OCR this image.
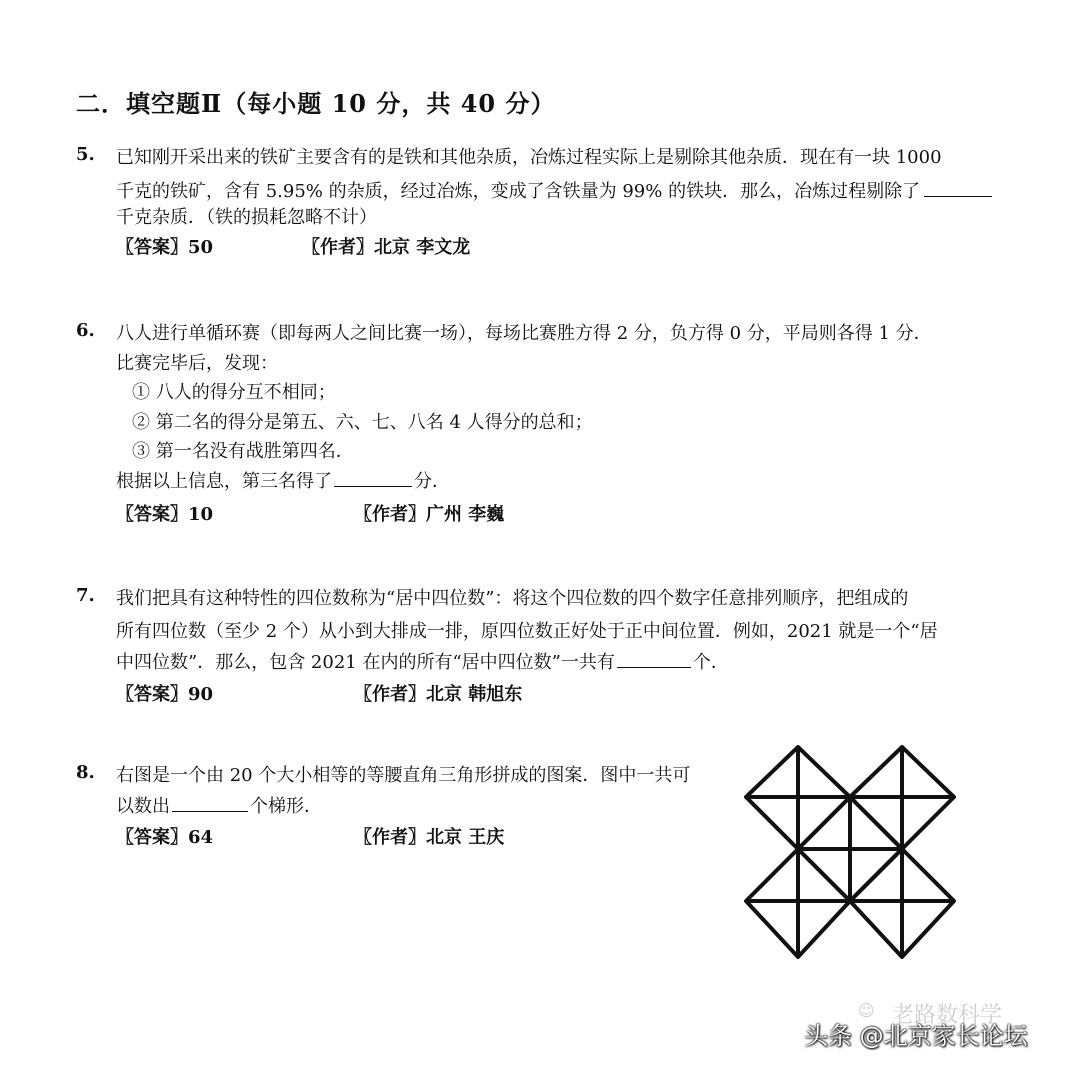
二．填空题Ⅱ（每小题 10 分，共 40 分）
5. 已知刚开采出来的铁矿主要含有的是铁和其他杂质，冶炼过程实际上是剔除其他杂质．现在有一块 1000
千克的铁矿，含有 5.95% 的杂质，经过冶炼，变成了含铁量为 99% 的铁块．那么，冶炼过程剔除了
千克杂质．（铁的损耗忽略不计）
〖答案〗50	〖作者〗北京 李文龙
6. 八人进行单循环赛（即每两人之间比赛一场），每场比赛胜方得 2 分，负方得 0 分，平局则各得 1 分．
比赛完毕后，发现：
① 八人的得分互不相同；
② 第二名的得分是第五、六、七、八名 4 人得分的总和；
③ 第一名没有战胜第四名．
根据以上信息，第三名得了	分．
〖答案〗10	〖作者〗广州 李巍
7. 我们把具有这种特性的四位数称为“居中四位数”：将这个四位数的四个数字任意排列顺序，把组成的
所有四位数（至少 2 个）从小到大排成一排，原四位数正好处于正中间位置．例如，2021 就是一个“居
中四位数”．那么，包含 2021 在内的所有“居中四位数”一共有	个．
〖答案〗90	〖作者〗北京 韩旭东
8. 右图是一个由 20 个大小相等的等腰直角三角形拼成的图案．图中一共可
以数出	个梯形．
〖答案〗64	〖作者〗北京 王庆
老路数科学
☺
头条 @北京家长论坛
